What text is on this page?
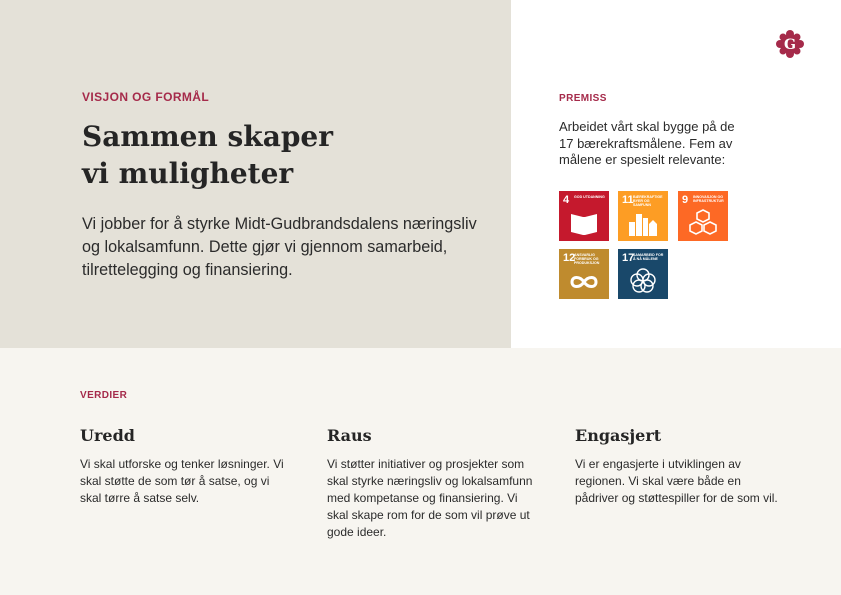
VISJON OG FORMÅL
Sammen skaper
vi muligheter

Vi jobber for å styrke Midt-Gudbrandsdalens næringsliv og lokalsamfunn. Dette gjør vi gjennom samarbeid, tilrettelegging og finansiering.

G
PREMISS

Arbeidet vårt skal bygge på de 17 bærekraftsmålene. Fem av målene er spesielt relevante:

4 GOD UTDANNING 11 BÆREKRAFTIGE BYER OG SAMFUNN	9 INNOVASJON OG INFRASTRUKTUR
12
ANSVARLIG FORBRUK OG PRODUKSJON	17
SAMARBEID FOR Å NÅ MÅLENE
VERDIER
Uredd

Vi skal utforske og tenker løsninger. Vi skal støtte de som tør å satse, og vi skal tørre å satse selv.

Raus

Vi støtter initiativer og prosjekter som skal styrke næringsliv og lokalsamfunn med kompetanse og finansiering. Vi skal skape rom for de som vil prøve ut gode ideer.

Engasjert

Vi er engasjerte i utviklingen av regionen. Vi skal være både en pådriver og støttespiller for de som vil.
